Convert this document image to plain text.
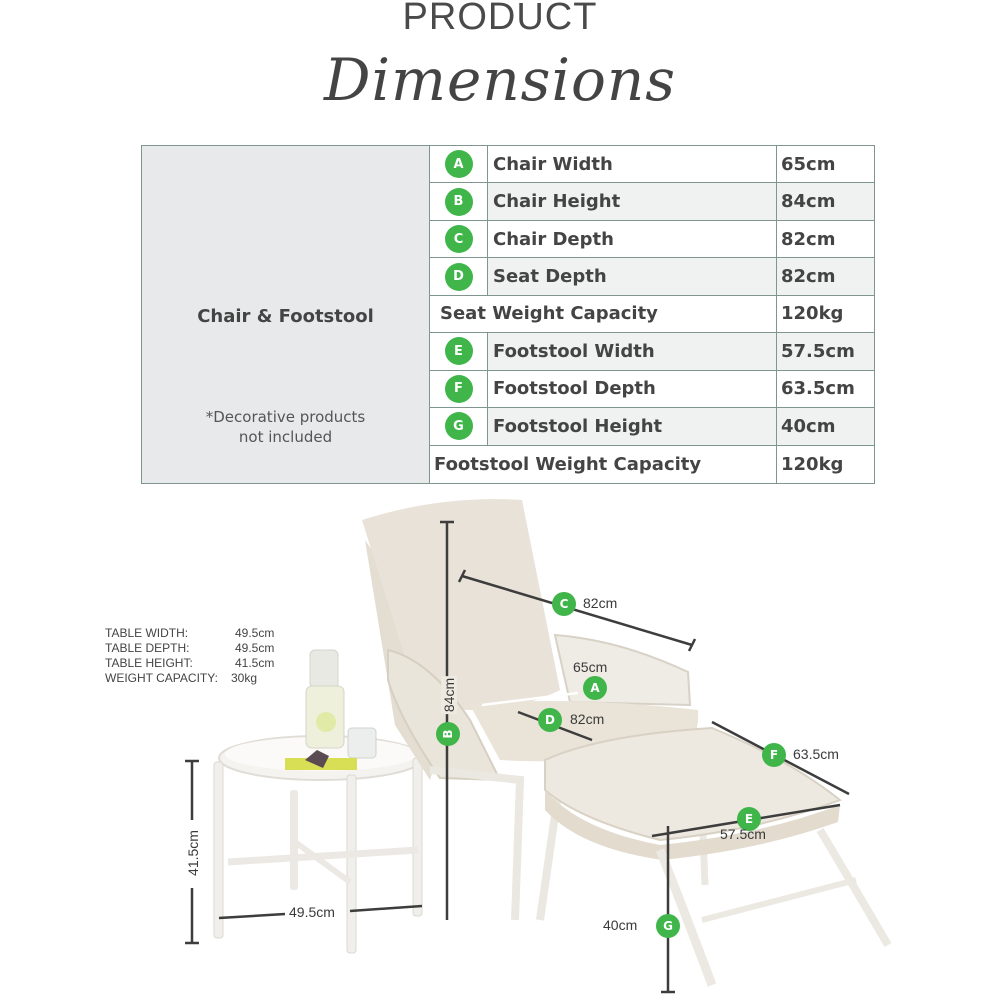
PRODUCT
Dimensions
Chair & Footstool
*Decorative products not included
A	Chair Width	65cm
B	Chair Height	84cm
C	Chair Depth	82cm
D	Seat Depth	82cm
Seat Weight Capacity	120kg
E	Footstool Width	57.5cm
F	Footstool Depth	63.5cm
G	Footstool Height	40cm
Footstool Weight Capacity	120kg
TABLE WIDTH:	49.5cm
TABLE DEPTH:	49.5cm
TABLE HEIGHT:	41.5cm
WEIGHT CAPACITY:	30kg
C	82cm
65cm
A
D	82cm
B
84cm
F	63.5cm
E
57.5cm
40cm	G
41.5cm
49.5cm
